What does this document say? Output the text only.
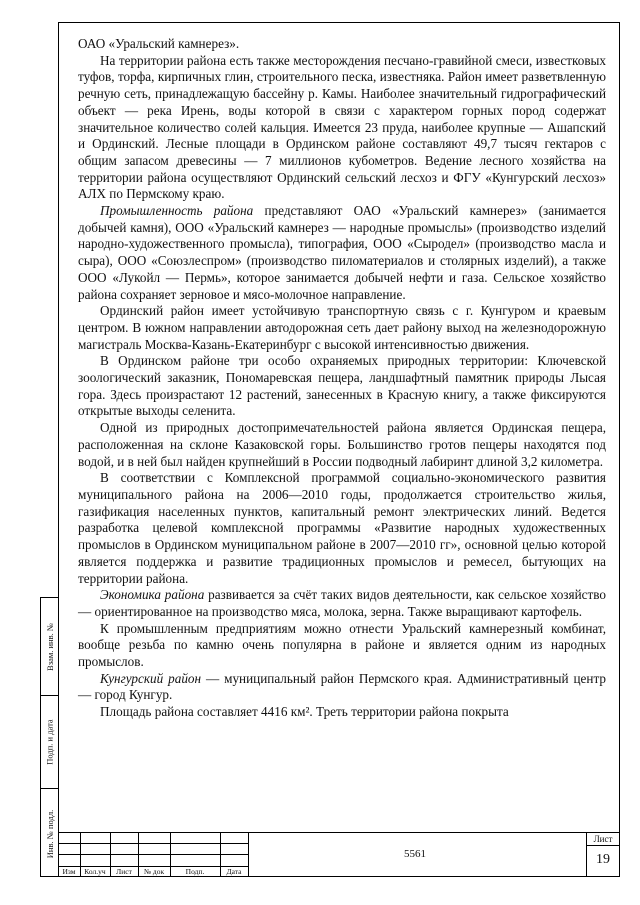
ОАО «Уральский камнерез».

На территории района есть также месторождения песчано-гравийной смеси, известковых туфов, торфа, кирпичных глин, строительного песка, известняка. Район имеет разветвленную речную сеть, принадлежащую бассейну р. Камы. Наиболее значительный гидрографический объект — река Ирень, воды которой в связи с характером горных пород содержат значительное количество солей кальция. Имеется 23 пруда, наиболее крупные — Ашапский и Ординский. Лесные площади в Ординском районе составляют 49,7 тысяч гектаров с общим запасом древесины — 7 миллионов кубометров. Ведение лесного хозяйства на территории района осуществляют Ординский сельский лесхоз и ФГУ «Кунгурский лесхоз» АЛХ по Пермскому краю.

Промышленность района представляют ОАО «Уральский камнерез» (занимается добычей камня), ООО «Уральский камнерез — народные промыслы» (производство изделий народно-художественного промысла), типография, ООО «Сыродел» (производство масла и сыра), ООО «Союзлеспром» (производство пиломатериалов и столярных изделий), а также ООО «Лукойл — Пермь», которое занимается добычей нефти и газа. Сельское хозяйство района сохраняет зерновое и мясо-молочное направление.

Ординский район имеет устойчивую транспортную связь с г. Кунгуром и краевым центром. В южном направлении автодорожная сеть дает району выход на железнодорожную магистраль Москва-Казань-Екатеринбург с высокой интенсивностью движения.

В Ординском районе три особо охраняемых природных территории: Ключевской зоологический заказник, Пономаревская пещера, ландшафтный памятник природы Лысая гора. Здесь произрастают 12 растений, занесенных в Красную книгу, а также фиксируются открытые выходы селенита.

Одной из природных достопримечательностей района является Ординская пещера, расположенная на склоне Казаковской горы. Большинство гротов пещеры находятся под водой, и в ней был найден крупнейший в России подводный лабиринт длиной 3,2 километра.

В соответствии с Комплексной программой социально-экономического развития муниципального района на 2006—2010 годы, продолжается строительство жилья, газификация населенных пунктов, капитальный ремонт электрических линий. Ведется разработка целевой комплексной программы «Развитие народных художественных промыслов в Ординском муниципальном районе в 2007—2010 гг», основной целью которой является поддержка и развитие традиционных промыслов и ремесел, бытующих на территории района.

Экономика района развивается за счёт таких видов деятельности, как сельское хозяйство — ориентированное на производство мяса, молока, зерна. Также выращивают картофель.

К промышленным предприятиям можно отнести Уральский камнерезный комбинат, вообще резьба по камню очень популярна в районе и является одним из народных промыслов.

Кунгурский район — муниципальный район Пермского края. Административный центр — город Кунгур.

Площадь района составляет 4416 км². Треть территории района покрыта

Взам. инв. №
Подп. и дата
Инв. № подл.
Изм	Кол.уч	Лист	№ док	Подп.	Дата
5561
Лист
19
